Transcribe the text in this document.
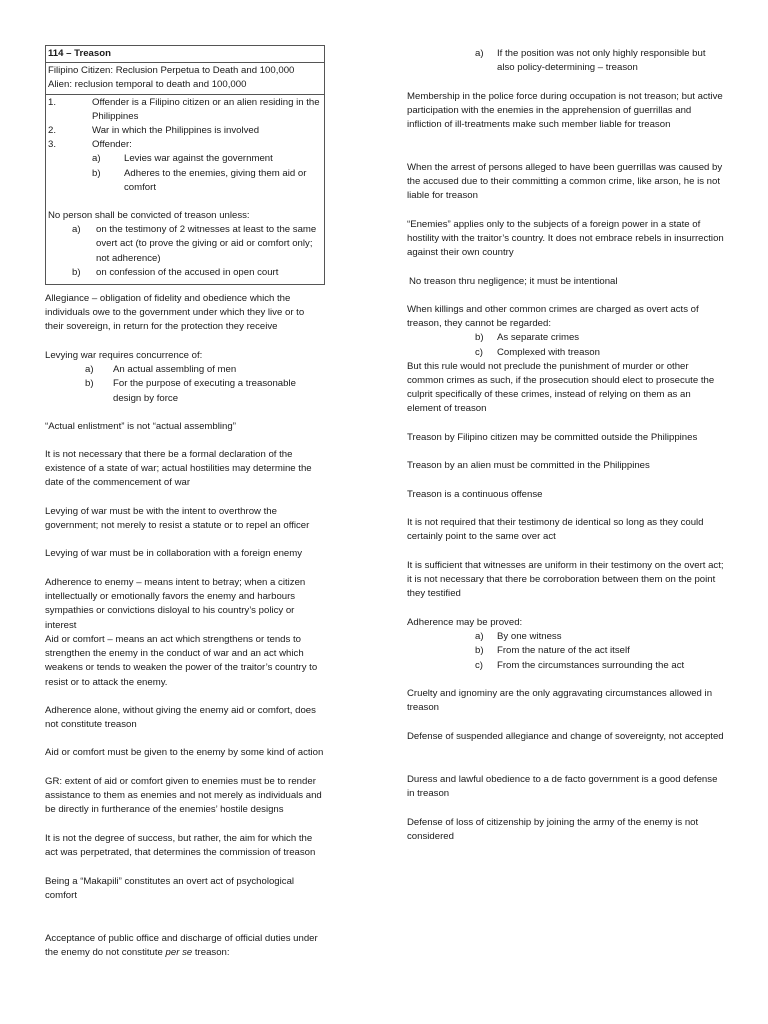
114 – Treason

Filipino Citizen: Reclusion Perpetua to Death and 100,000

Alien: reclusion temporal to death and 100,000

1.	Offender is a Filipino citizen or an alien residing in the Philippines
2.	War in which the Philippines is involved
3.	Offender:
a)	Levies war against the government
b)	Adheres to the enemies, giving them aid or comfort

No person shall be convicted of treason unless:

a)	on the testimony of 2 witnesses at least to the same overt act (to prove the giving or aid or comfort only; not adherence)
b)	on confession of the accused in open court

Allegiance – obligation of fidelity and obedience which the individuals owe to the government under which they live or to their sovereign, in return for the protection they receive

Levying war requires concurrence of:

a)	An actual assembling of men
b)	For the purpose of executing a treasonable design by force

“Actual enlistment” is not “actual assembling”

It is not necessary that there be a formal declaration of the existence of a state of war; actual hostilities may determine the date of the commencement of war

Levying of war must be with the intent to overthrow the government; not merely to resist a statute or to repel an officer

Levying of war must be in collaboration with a foreign enemy

Adherence to enemy – means intent to betray; when a citizen intellectually or emotionally favors the enemy and harbours sympathies or convictions disloyal to his country’s policy or interest

Aid or comfort – means an act which strengthens or tends to strengthen the enemy in the conduct of war and an act which weakens or tends to weaken the power of the traitor’s country to resist or to attack the enemy.

Adherence alone, without giving the enemy aid or comfort, does not constitute treason

Aid or comfort must be given to the enemy by some kind of action

GR: extent of aid or comfort given to enemies must be to render assistance to them as enemies and not merely as individuals and be directly in furtherance of the enemies’ hostile designs

It is not the degree of success, but rather, the aim for which the act was perpetrated, that determines the commission of treason

Being a “Makapili” constitutes an overt act of psychological comfort

Acceptance of public office and discharge of official duties under the enemy do not constitute per se treason:

a)	If the position was not only highly responsible but also policy-determining – treason

Membership in the police force during occupation is not treason; but active participation with the enemies in the apprehension of guerrillas and infliction of ill-treatments make such member liable for treason

When the arrest of persons alleged to have been guerrillas was caused by the accused due to their committing a common crime, like arson, he is not liable for treason

“Enemies” applies only to the subjects of a foreign power in a state of hostility with the traitor’s country. It does not embrace rebels in insurrection against their own country

No treason thru negligence; it must be intentional

When killings and other common crimes are charged as overt acts of treason, they cannot be regarded:

b)	As separate crimes
c)	Complexed with treason

But this rule would not preclude the punishment of murder or other common crimes as such, if the prosecution should elect to prosecute the culprit specifically of these crimes, instead of relying on them as an element of treason

Treason by Filipino citizen may be committed outside the Philippines

Treason by an alien must be committed in the Philippines

Treason is a continuous offense

It is not required that their testimony de identical so long as they could certainly point to the same over act

It is sufficient that witnesses are uniform in their testimony on the overt act; it is not necessary that there be corroboration between them on the point they testified

Adherence may be proved:

a)	By one witness
b)	From the nature of the act itself
c)	From the circumstances surrounding the act

Cruelty and ignominy are the only aggravating circumstances allowed in treason

Defense of suspended allegiance and change of sovereignty, not accepted

Duress and lawful obedience to a de facto government is a good defense in treason

Defense of loss of citizenship by joining the army of the enemy is not considered
